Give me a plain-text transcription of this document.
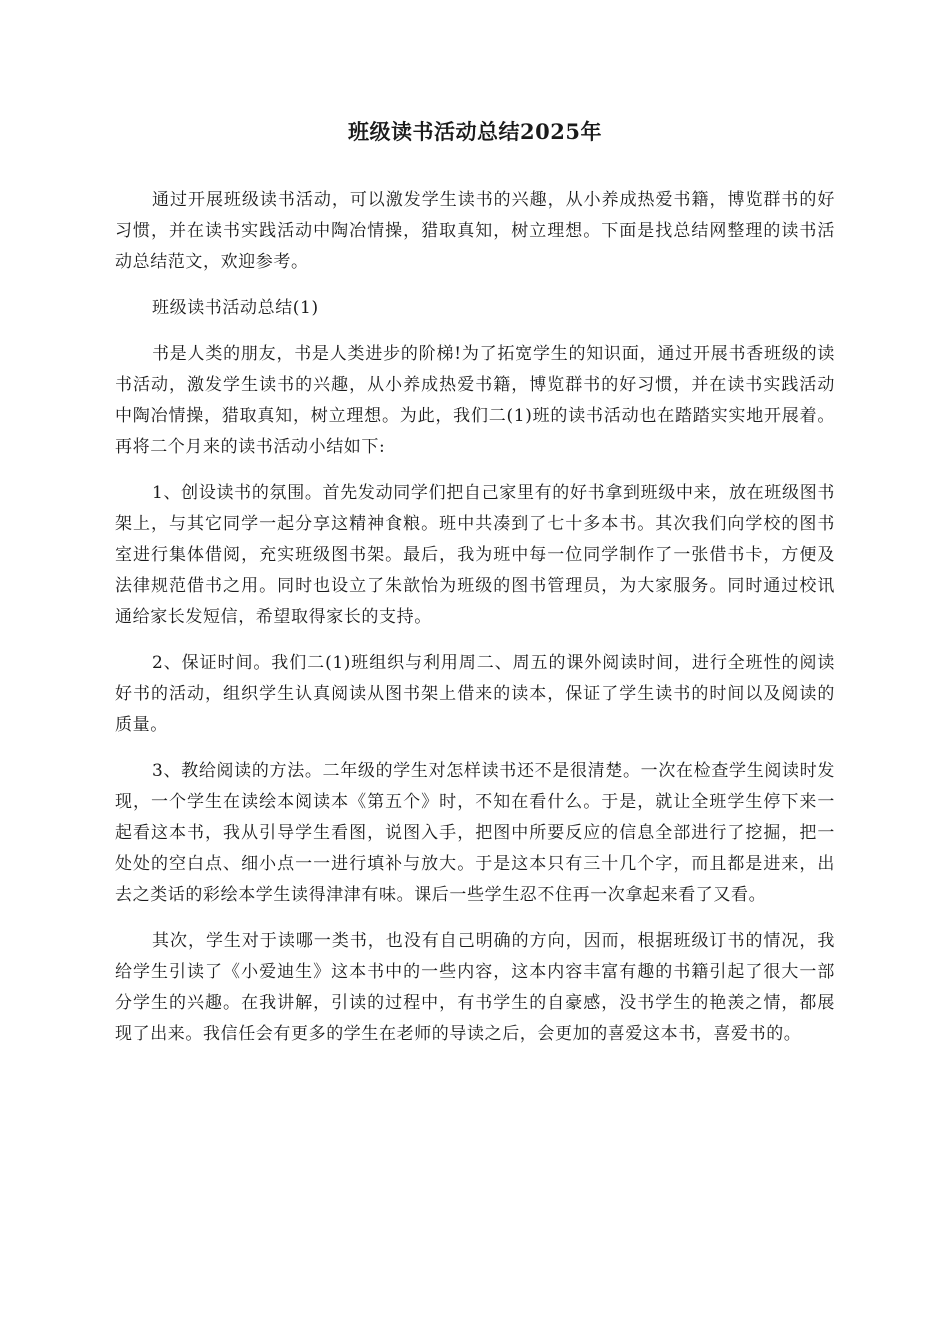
班级读书活动总结2025年

通过开展班级读书活动，可以激发学生读书的兴趣，从小养成热爱书籍，博览群书的好习惯，并在读书实践活动中陶冶情操，猎取真知，树立理想。下面是找总结网整理的读书活动总结范文，欢迎参考。

班级读书活动总结(1)

书是人类的朋友，书是人类进步的阶梯!为了拓宽学生的知识面，通过开展书香班级的读书活动，激发学生读书的兴趣，从小养成热爱书籍，博览群书的好习惯，并在读书实践活动中陶冶情操，猎取真知，树立理想。为此，我们二(1)班的读书活动也在踏踏实实地开展着。再将二个月来的读书活动小结如下:

1、创设读书的氛围。首先发动同学们把自己家里有的好书拿到班级中来，放在班级图书架上，与其它同学一起分享这精神食粮。班中共凑到了七十多本书。其次我们向学校的图书室进行集体借阅，充实班级图书架。最后，我为班中每一位同学制作了一张借书卡，方便及法律规范借书之用。同时也设立了朱歆怡为班级的图书管理员，为大家服务。同时通过校讯通给家长发短信，希望取得家长的支持。

2、保证时间。我们二(1)班组织与利用周二、周五的课外阅读时间，进行全班性的阅读好书的活动，组织学生认真阅读从图书架上借来的读本，保证了学生读书的时间以及阅读的质量。

3、教给阅读的方法。二年级的学生对怎样读书还不是很清楚。一次在检查学生阅读时发现，一个学生在读绘本阅读本《第五个》时，不知在看什么。于是，就让全班学生停下来一起看这本书，我从引导学生看图，说图入手，把图中所要反应的信息全部进行了挖掘，把一处处的空白点、细小点一一进行填补与放大。于是这本只有三十几个字，而且都是进来，出去之类话的彩绘本学生读得津津有味。课后一些学生忍不住再一次拿起来看了又看。

其次，学生对于读哪一类书，也没有自己明确的方向，因而，根据班级订书的情况，我给学生引读了《小爱迪生》这本书中的一些内容，这本内容丰富有趣的书籍引起了很大一部分学生的兴趣。在我讲解，引读的过程中，有书学生的自豪感，没书学生的艳羡之情，都展现了出来。我信任会有更多的学生在老师的导读之后，会更加的喜爱这本书，喜爱书的。
